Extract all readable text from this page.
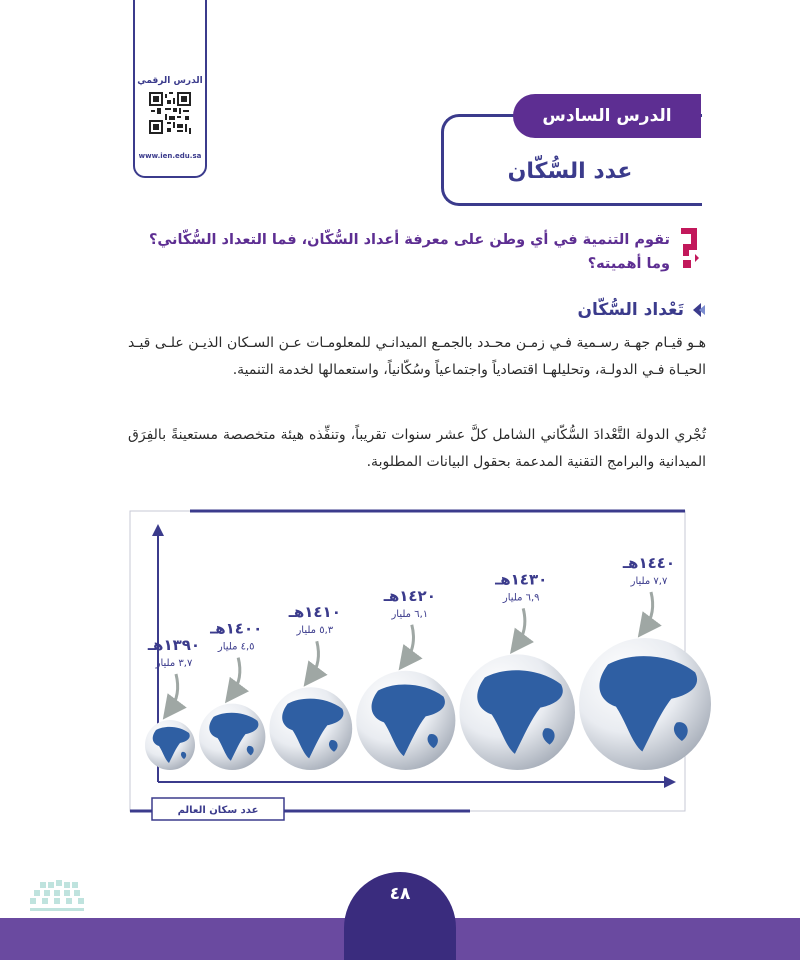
الدرس الرقمي
www.ien.edu.sa
الدرس السادس
عدد السُّكّان
تقوم التنمية في أي وطن على معرفة أعداد السُّكّان، فما التعداد السُّكّاني؟ وما أهميته؟
تَعْداد السُّكّان
هـو قيـام جهـة رسـمية فـي زمـن محـدد بالجمـع الميدانـي للمعلومـات عـن السـكان الذيـن علـى قيـد الحيـاة فـي الدولـة، وتحليلهـا اقتصادياً واجتماعياً وسُكّانياً، واستعمالها لخدمة التنمية.
تُجْري الدولة التَّعْدادَ السُّكّاني الشامل كلَّ عشر سنوات تقريباً، وتنفِّذه هيئة متخصصة مستعينةً بالفِرَق الميدانية والبرامج التقنية المدعمة بحقول البيانات المطلوبة.
عدد سكان العالم
١٣٩٠هـ
٣,٧ مليار
١٤٠٠هـ
٤,٥ مليار
١٤١٠هـ
٥,٣ مليار
١٤٢٠هـ
٦,١ مليار
١٤٣٠هـ
٦,٩ مليار
١٤٤٠هـ
٧,٧ مليار
٤٨
